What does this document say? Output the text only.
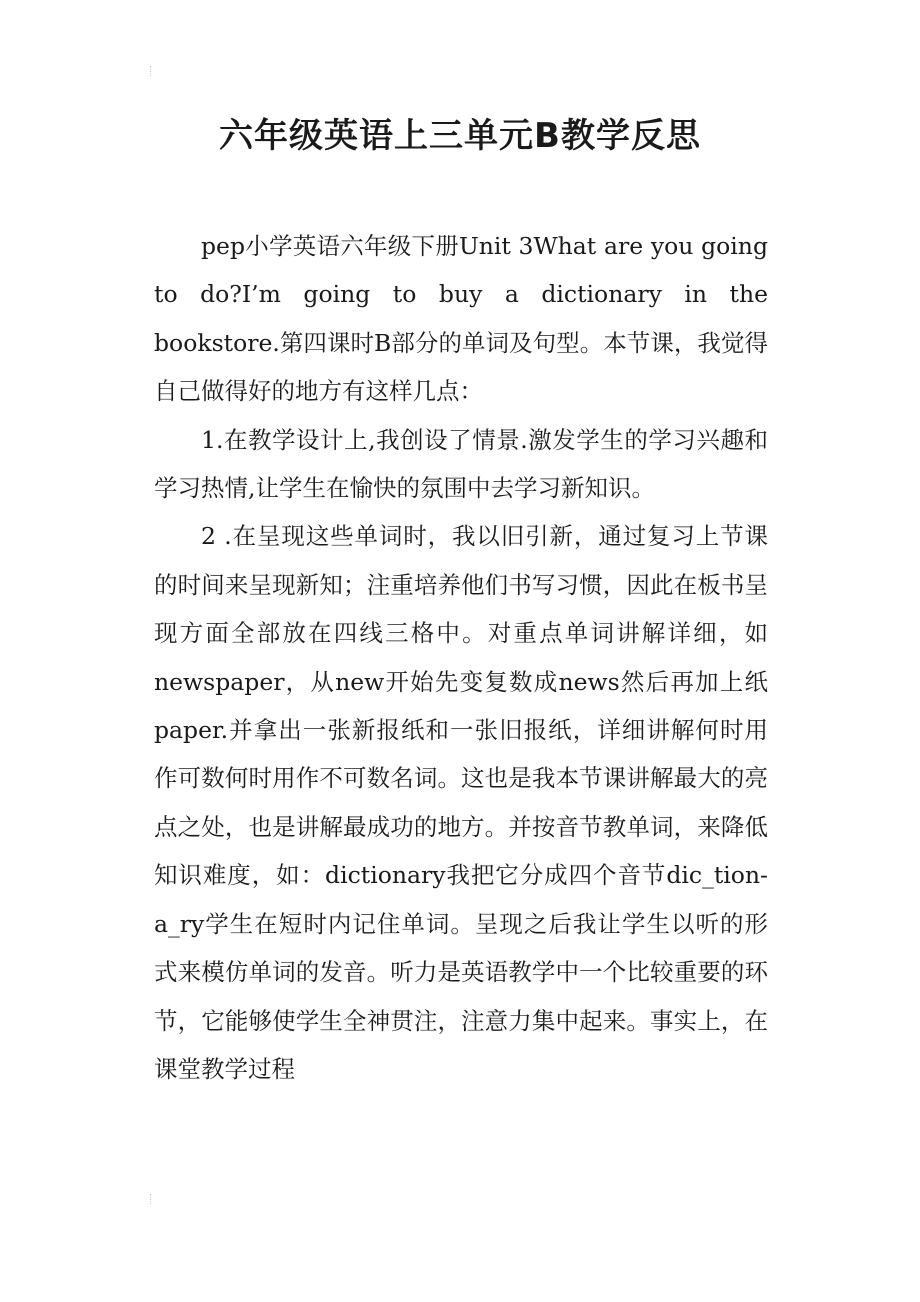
六年级英语上三单元B教学反思

pep小学英语六年级下册Unit 3What are you going to do?I’m going to buy a dictionary in the bookstore.第四课时B部分的单词及句型。本节课，我觉得自己做得好的地方有这样几点：

1.在教学设计上,我创设了情景.激发学生的学习兴趣和学习热情,让学生在愉快的氛围中去学习新知识。

2 .在呈现这些单词时，我以旧引新，通过复习上节课的时间来呈现新知；注重培养他们书写习惯，因此在板书呈现方面全部放在四线三格中。对重点单词讲解详细，如newspaper，从new开始先变复数成news然后再加上纸paper.并拿出一张新报纸和一张旧报纸，详细讲解何时用作可数何时用作不可数名词。这也是我本节课讲解最大的亮点之处，也是讲解最成功的地方。并按音节教单词，来降低知识难度，如：dictionary我把它分成四个音节dic_tion-a_ry学生在短时内记住单词。呈现之后我让学生以听的形式来模仿单词的发音。听力是英语教学中一个比较重要的环节，它能够使学生全神贯注，注意力集中起来。事实上，在课堂教学过程
